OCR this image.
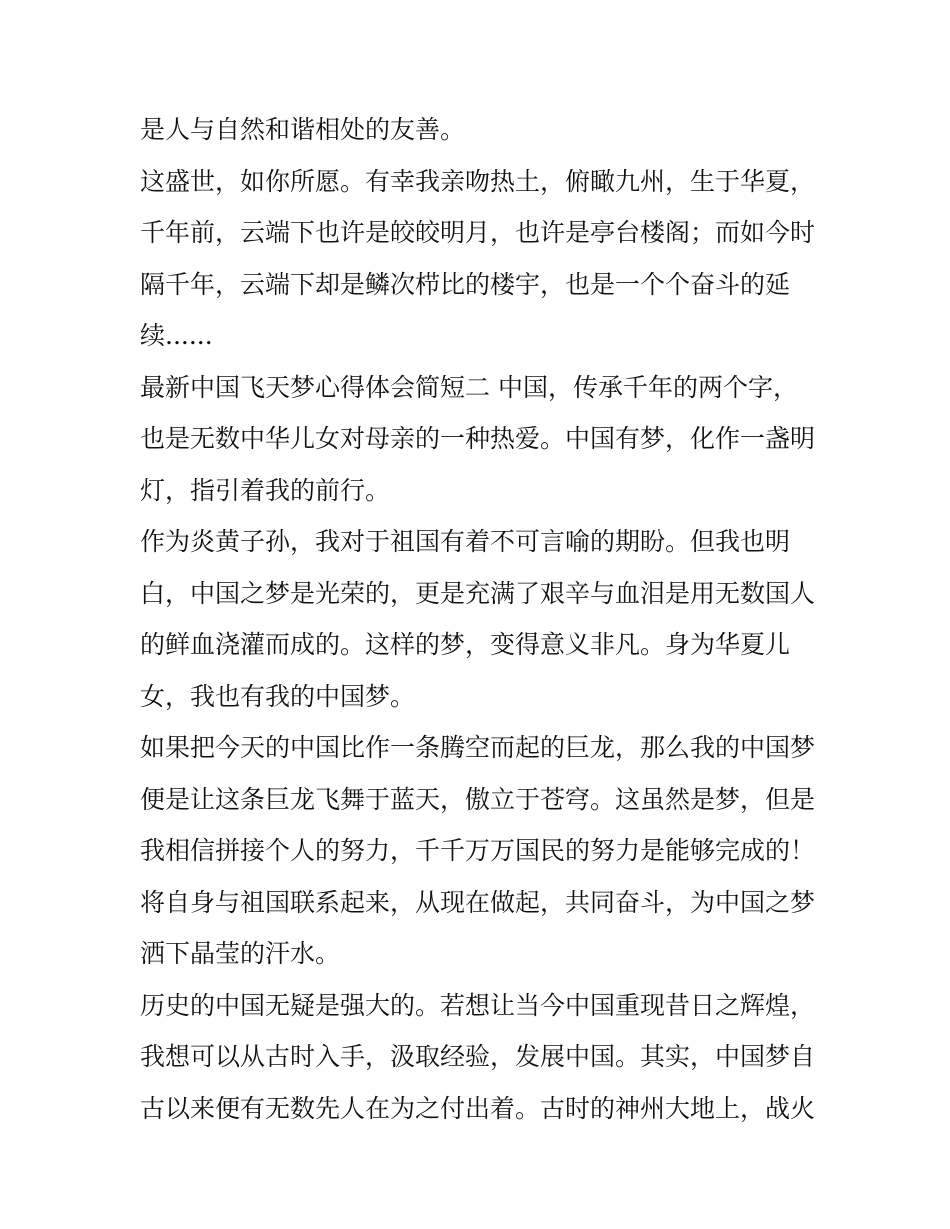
是人与自然和谐相处的友善。

这盛世，如你所愿。有幸我亲吻热土，俯瞰九州，生于华夏，

千年前，云端下也许是皎皎明月，也许是亭台楼阁；而如今时

隔千年，云端下却是鳞次栉比的楼宇，也是一个个奋斗的延

续......

最新中国飞天梦心得体会简短二 中国，传承千年的两个字，

也是无数中华儿女对母亲的一种热爱。中国有梦，化作一盏明

灯，指引着我的前行。

作为炎黄子孙，我对于祖国有着不可言喻的期盼。但我也明

白，中国之梦是光荣的，更是充满了艰辛与血泪是用无数国人

的鲜血浇灌而成的。这样的梦，变得意义非凡。身为华夏儿

女，我也有我的中国梦。

如果把今天的中国比作一条腾空而起的巨龙，那么我的中国梦

便是让这条巨龙飞舞于蓝天，傲立于苍穹。这虽然是梦，但是

我相信拼接个人的努力，千千万万国民的努力是能够完成的！

将自身与祖国联系起来，从现在做起，共同奋斗，为中国之梦

洒下晶莹的汗水。

历史的中国无疑是强大的。若想让当今中国重现昔日之辉煌，

我想可以从古时入手，汲取经验，发展中国。其实，中国梦自

古以来便有无数先人在为之付出着。古时的神州大地上，战火
